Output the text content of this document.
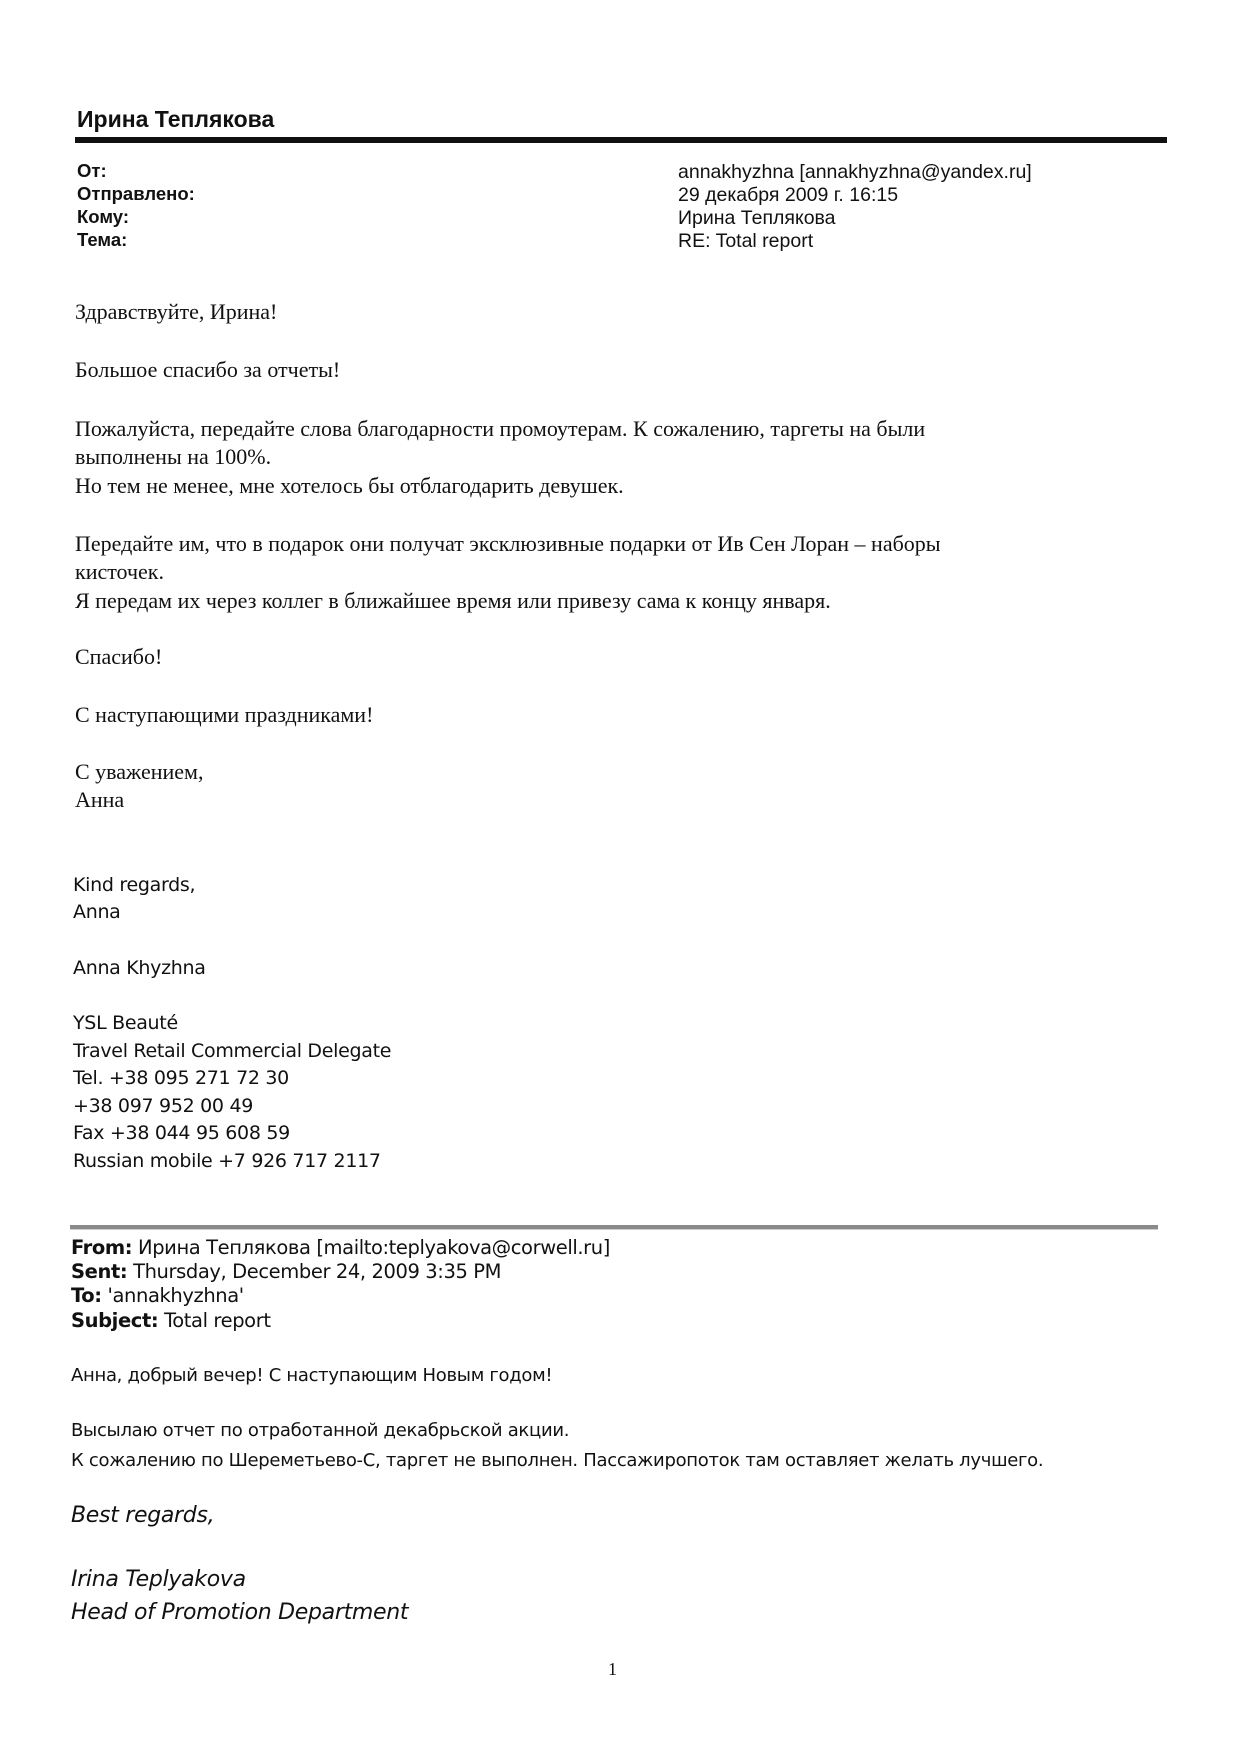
Ирина Теплякова
От:
Отправлено:
Кому:
Тема:
annakhyzhna [annakhyzhna@yandex.ru]
29 декабря 2009 г. 16:15
Ирина Теплякова
RE: Total report
Здравствуйте, Ирина!
Большое спасибо за отчеты!
Пожалуйста, передайте слова благодарности промоутерам. К сожалению, таргеты на были
выполнены на 100%.
Но тем не менее, мне хотелось бы отблагодарить девушек.
Передайте им, что в подарок они получат эксклюзивные подарки от Ив Сен Лоран – наборы
кисточек.
Я передам их через коллег в ближайшее время или привезу сама к концу января.
Спасибо!
С наступающими праздниками!
С уважением,
Анна
Kind regards,
Anna
Anna Khyzhna
YSL Beauté
Travel Retail Commercial Delegate
Tel. +38 095 271 72 30
+38 097 952 00 49
Fax +38 044 95 608 59
Russian mobile +7 926 717 2117
From: Ирина Теплякова [mailto:teplyakova@corwell.ru]
Sent: Thursday, December 24, 2009 3:35 PM
To: 'annakhyzhna'
Subject: Total report
Анна, добрый вечер! С наступающим Новым годом!
Высылаю отчет по отработанной декабрьской акции.
К сожалению по Шереметьево-С, таргет не выполнен. Пассажиропоток там оставляет желать лучшего.
Best regards,
Irina Teplyakova
Head of Promotion Department
1
